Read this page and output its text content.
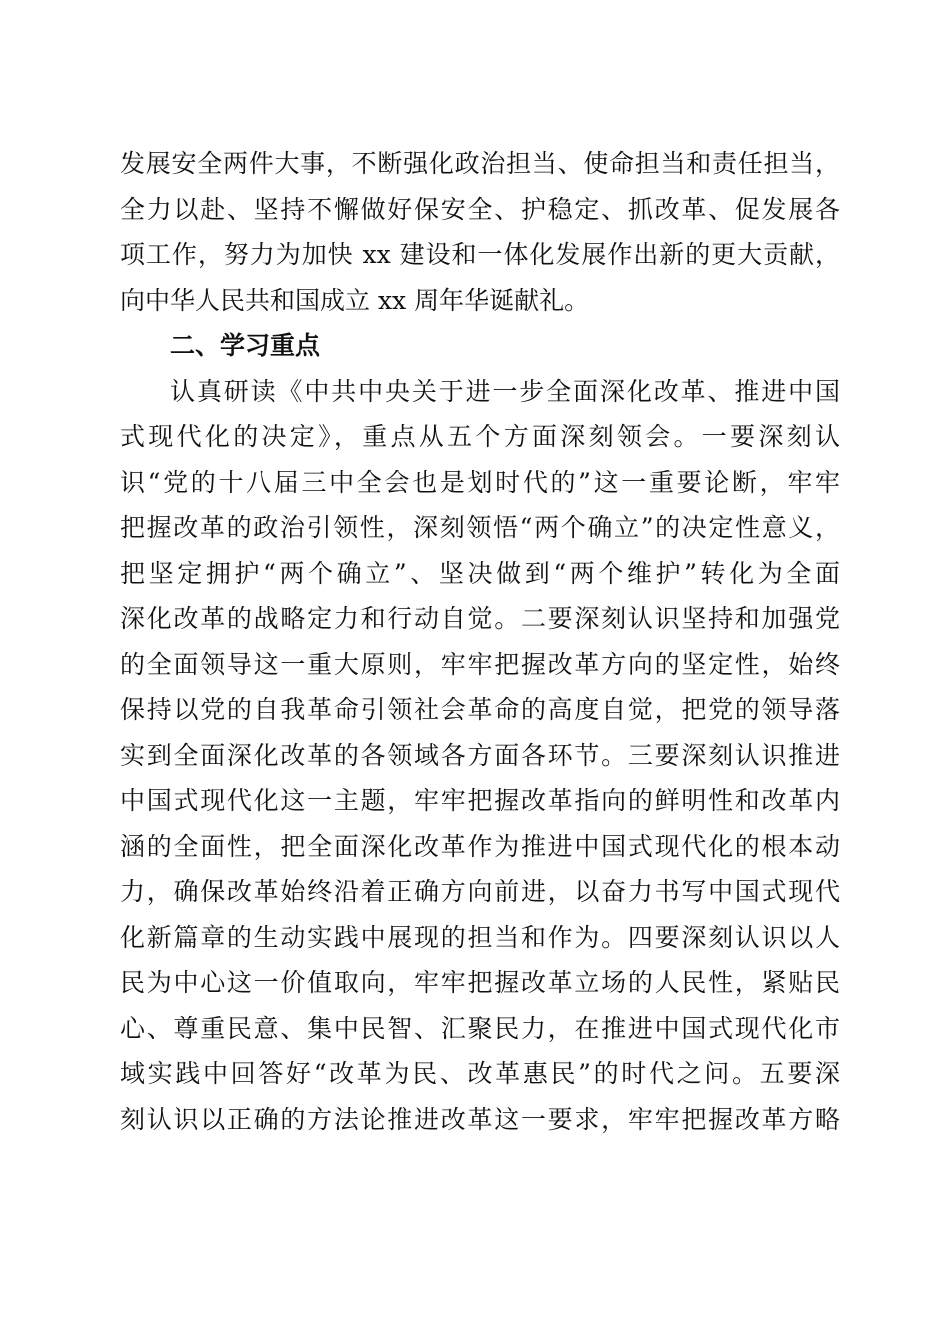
发展安全两件大事，不断强化政治担当、使命担当和责任担当，
全力以赴、坚持不懈做好保安全、护稳定、抓改革、促发展各
项工作，努力为加快 xx 建设和一体化发展作出新的更大贡献，
向中华人民共和国成立 xx 周年华诞献礼。
二、学习重点
认真研读《中共中央关于进一步全面深化改革、推进中国
式现代化的决定》，重点从五个方面深刻领会。一要深刻认
识“党的十八届三中全会也是划时代的”这一重要论断，牢牢
把握改革的政治引领性，深刻领悟“两个确立”的决定性意义，
把坚定拥护“两个确立”、坚决做到“两个维护”转化为全面
深化改革的战略定力和行动自觉。二要深刻认识坚持和加强党
的全面领导这一重大原则，牢牢把握改革方向的坚定性，始终
保持以党的自我革命引领社会革命的高度自觉，把党的领导落
实到全面深化改革的各领域各方面各环节。三要深刻认识推进
中国式现代化这一主题，牢牢把握改革指向的鲜明性和改革内
涵的全面性，把全面深化改革作为推进中国式现代化的根本动
力，确保改革始终沿着正确方向前进，以奋力书写中国式现代
化新篇章的生动实践中展现的担当和作为。四要深刻认识以人
民为中心这一价值取向，牢牢把握改革立场的人民性，紧贴民
心、尊重民意、集中民智、汇聚民力，在推进中国式现代化市
域实践中回答好“改革为民、改革惠民”的时代之问。五要深
刻认识以正确的方法论推进改革这一要求，牢牢把握改革方略
